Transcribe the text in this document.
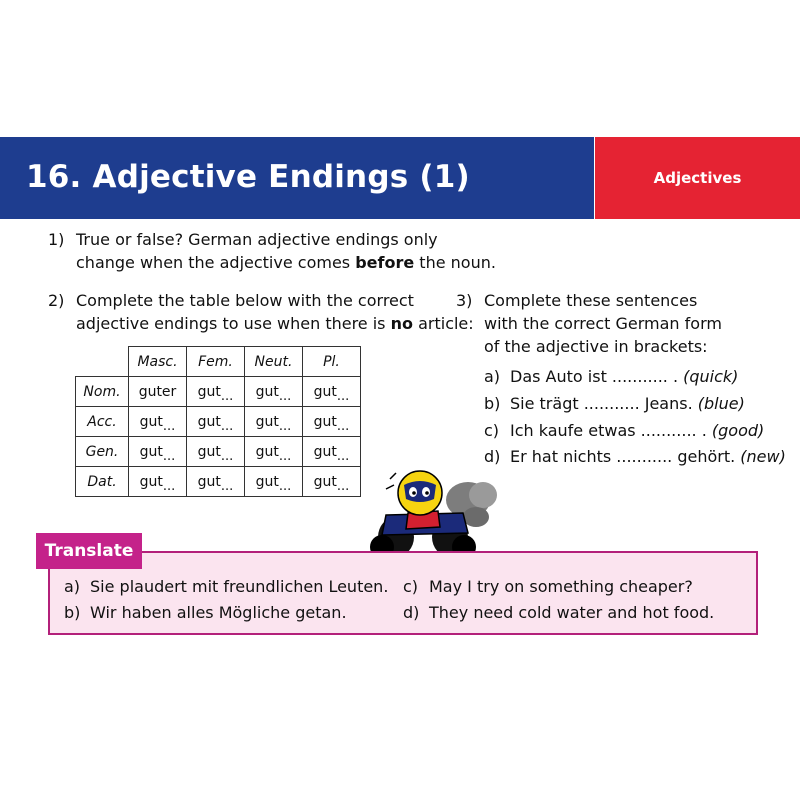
16. Adjective Endings (1)	Adjectives
1) True or false? German adjective endings only
change when the adjective comes before the noun.
2) Complete the table below with the correct
adjective endings to use when there is no article:
	Masc.	Fem.	Neut.	Pl.
Nom.	guter	gut...	gut...	gut...
Acc.	gut...	gut...	gut...	gut...
Gen.	gut...	gut...	gut...	gut...
Dat.	gut...	gut...	gut...	gut...
3) Complete these sentences
with the correct German form
of the adjective in brackets:
a) Das Auto ist ........... . (quick)
b) Sie trägt ........... Jeans. (blue)
c) Ich kaufe etwas ........... . (good)
d) Er hat nichts ........... gehört. (new)
Translate
a) Sie plaudert mit freundlichen Leuten.
b) Wir haben alles Mögliche getan.
c) May I try on something cheaper?
d) They need cold water and hot food.
